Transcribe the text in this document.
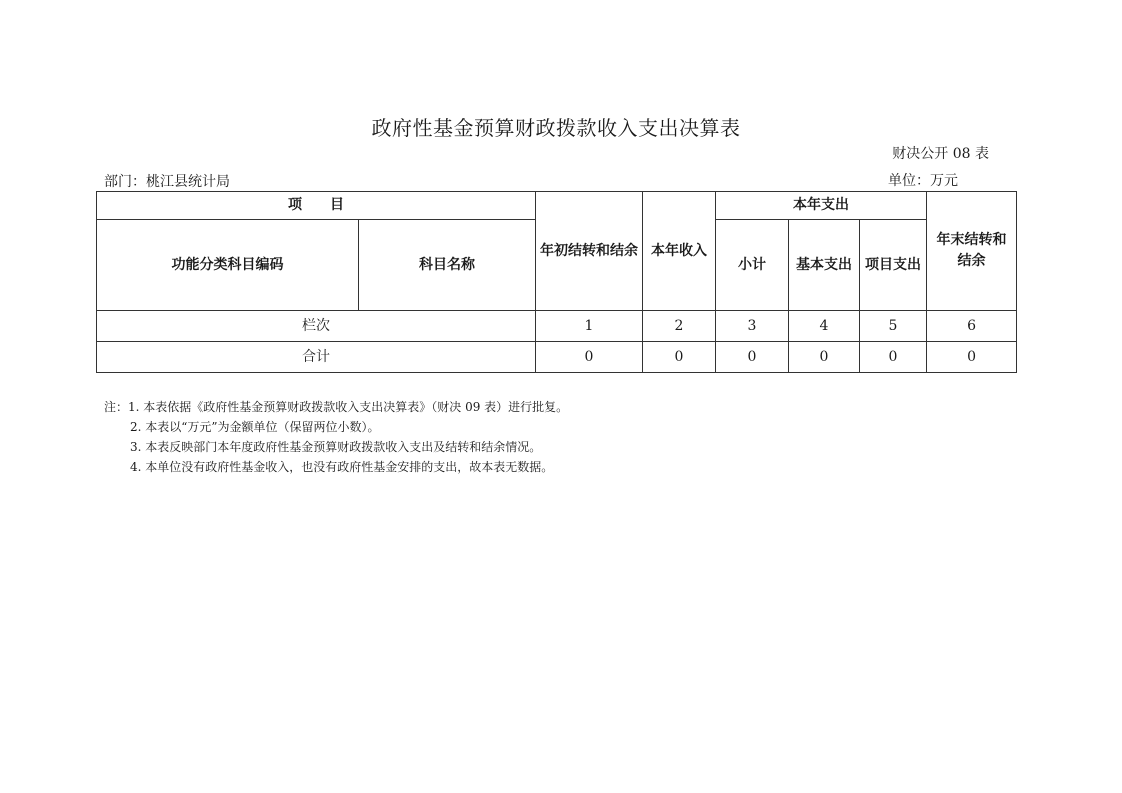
政府性基金预算财政拨款收入支出决算表
财决公开 08 表
部门：桃江县统计局	单位：万元
项　　目		年初结转和结余	本年收入	本年支出			年末结转和结余
功能分类科目编码	科目名称			小计	基本支出	项目支出	
栏次		1	2	3	4	5	6
合计		0	0	0	0	0	0
注：1. 本表依据《政府性基金预算财政拨款收入支出决算表》（财决 09 表）进行批复。
2. 本表以“万元”为金额单位（保留两位小数）。
3. 本表反映部门本年度政府性基金预算财政拨款收入支出及结转和结余情况。
4. 本单位没有政府性基金收入，也没有政府性基金安排的支出，故本表无数据。
